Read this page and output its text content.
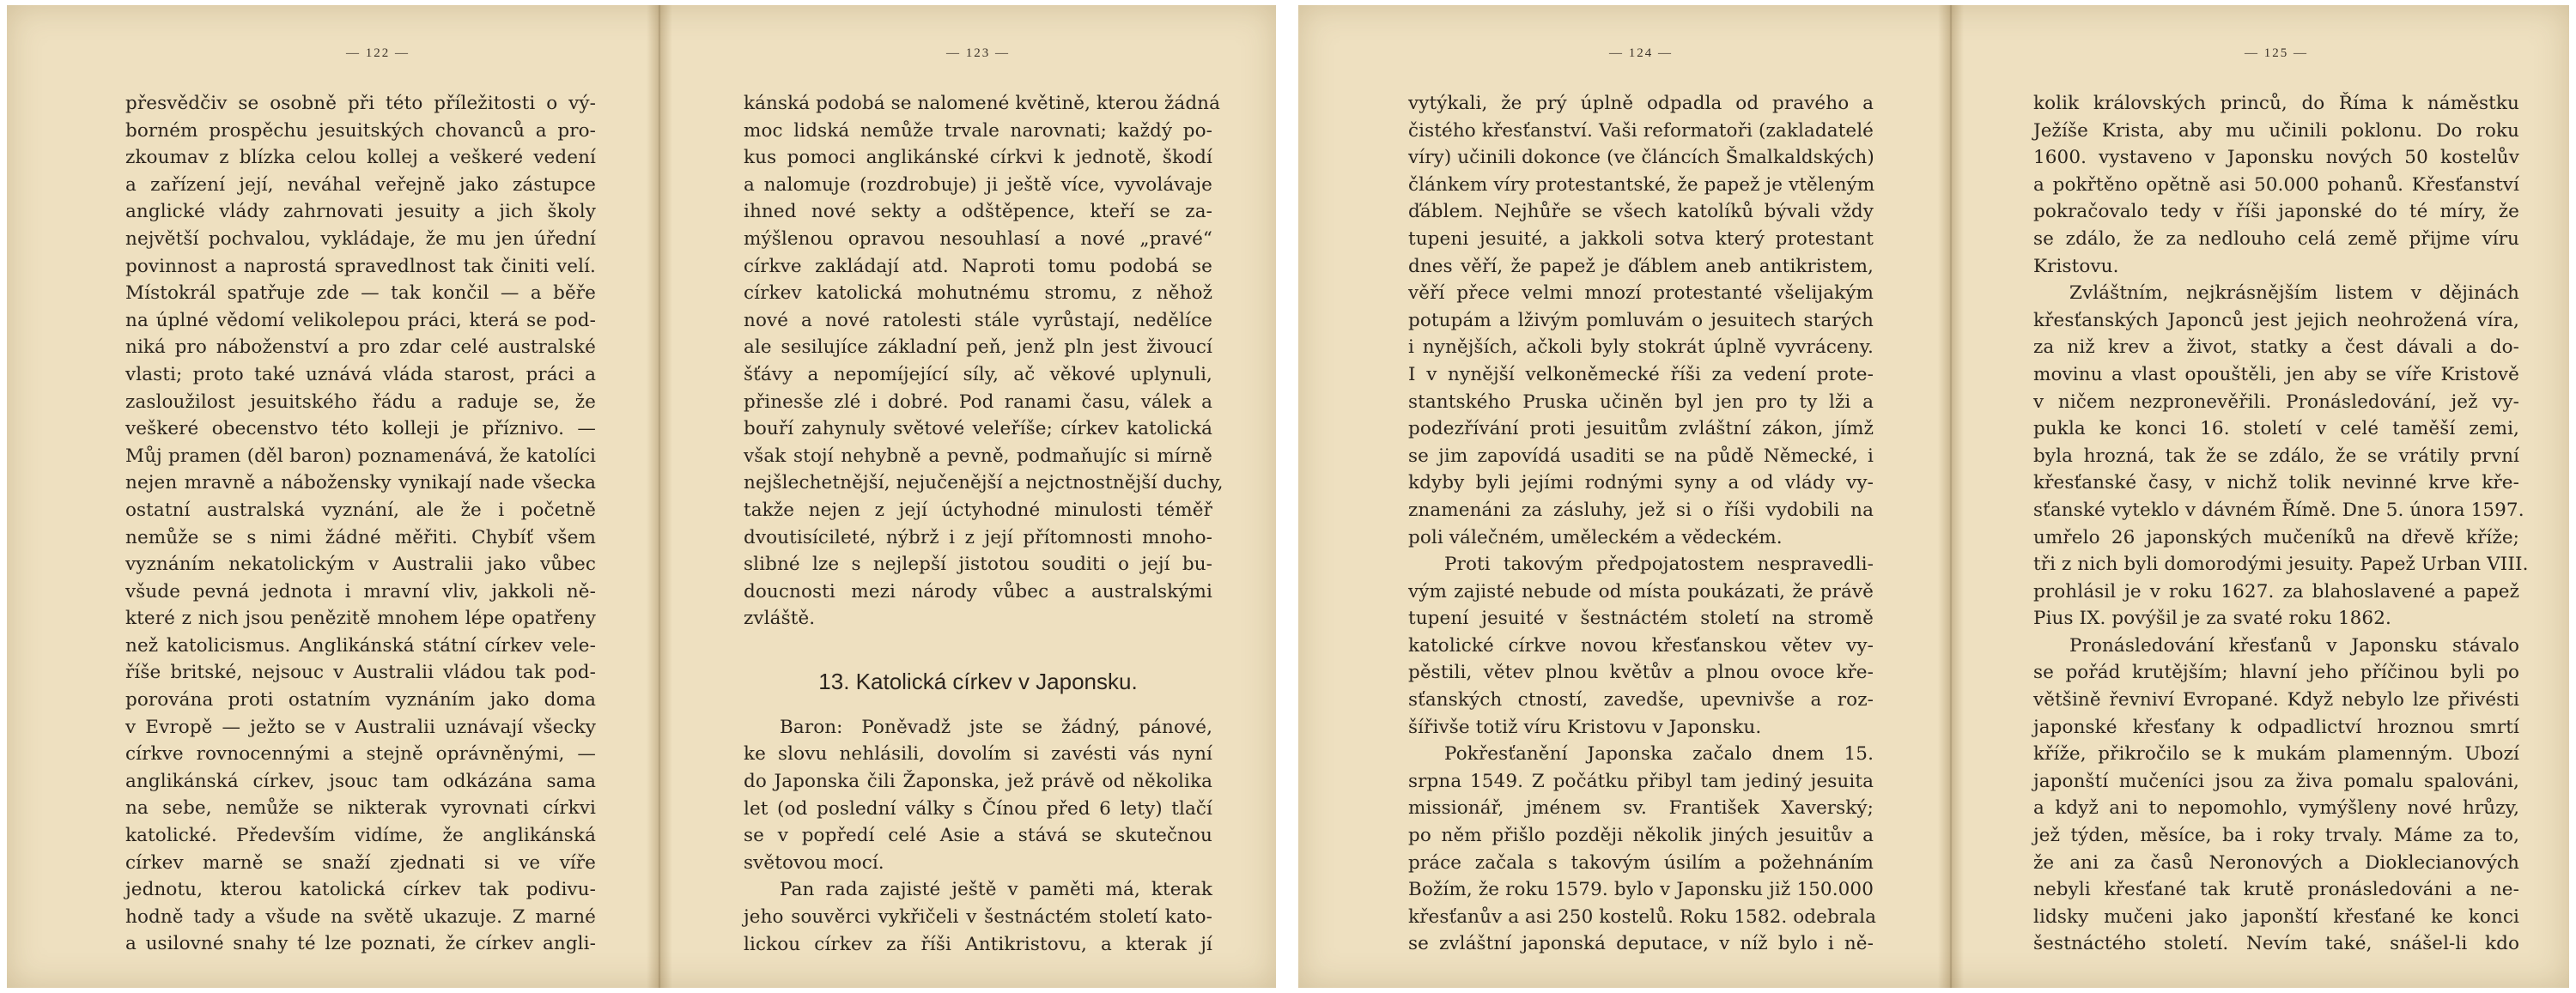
— 122 —
přesvědčiv se osobně při této příležitosti o vý-
borném prospěchu jesuitských chovanců a pro-
zkoumav z blízka celou kollej a veškeré vedení
a zařízení její, neváhal veřejně jako zástupce
anglické vlády zahrnovati jesuity a jich školy
největší pochvalou, vykládaje, že mu jen úřední
povinnost a naprostá spravedlnost tak činiti velí.
Místokrál spatřuje zde — tak končil — a běře
na úplné vědomí velikolepou práci, která se pod-
niká pro náboženství a pro zdar celé australské
vlasti; proto také uznává vláda starost, práci a
zasloužilost jesuitského řádu a raduje se, že
veškeré obecenstvo této kolleji je příznivo. —
Můj pramen (děl baron) poznamenává, že katolíci
nejen mravně a nábožensky vynikají nade všecka
ostatní australská vyznání, ale že i početně
nemůže se s nimi žádné měřiti. Chybíť všem
vyznáním nekatolickým v Australii jako vůbec
všude pevná jednota i mravní vliv, jakkoli ně-
které z nich jsou penězitě mnohem lépe opatřeny
než katolicismus. Anglikánská státní církev vele-
říše britské, nejsouc v Australii vládou tak pod-
porována proti ostatním vyznáním jako doma
v Evropě — ježto se v Australii uznávají všecky
církve rovnocennými a stejně oprávněnými, —
anglikánská církev, jsouc tam odkázána sama
na sebe, nemůže se nikterak vyrovnati církvi
katolické. Především vidíme, že anglikánská
církev marně se snaží zjednati si ve víře
jednotu, kterou katolická církev tak podivu-
hodně tady a všude na světě ukazuje. Z marné
a usilovné snahy té lze poznati, že církev angli-
— 123 —
kánská podobá se nalomené květině, kterou žádná
moc lidská nemůže trvale narovnati; každý po-
kus pomoci anglikánské církvi k jednotě, škodí
a nalomuje (rozdrobuje) ji ještě více, vyvolávaje
ihned nové sekty a odštěpence, kteří se za-
mýšlenou opravou nesouhlasí a nové „pravé“
církve zakládají atd. Naproti tomu podobá se
církev katolická mohutnému stromu, z něhož
nové a nové ratolesti stále vyrůstají, nedělíce
ale sesilujíce základní peň, jenž pln jest živoucí
šťávy a nepomíjející síly, ač věkové uplynuli,
přinesše zlé i dobré. Pod ranami času, válek a
bouří zahynuly světové veleříše; církev katolická
však stojí nehybně a pevně, podmaňujíc si mírně
nejšlechetnější, nejučenější a nejctnostnější duchy,
takže nejen z její úctyhodné minulosti téměř
dvoutisícileté, nýbrž i z její přítomnosti mnoho-
slibné lze s nejlepší jistotou souditi o její bu-
doucnosti mezi národy vůbec a australskými
zvláště.
13. Katolická církev v Japonsku.
Baron: Poněvadž jste se žádný, pánové,
ke slovu nehlásili, dovolím si zavésti vás nyní
do Japonska čili Žaponska, jež právě od několika
let (od poslední války s Čínou před 6 lety) tlačí
se v popředí celé Asie a stává se skutečnou
světovou mocí.
Pan rada zajisté ještě v paměti má, kterak
jeho souvěrci vykřičeli v šestnáctém století kato-
lickou církev za říši Antikristovu, a kterak jí
— 124 —
vytýkali, že prý úplně odpadla od pravého a
čistého křesťanství. Vaši reformatoři (zakladatelé
víry) učinili dokonce (ve článcích Šmalkaldských)
článkem víry protestantské, že papež je vtěleným
ďáblem. Nejhůře se všech katolíků bývali vždy
tupeni jesuité, a jakkoli sotva který protestant
dnes věří, že papež je ďáblem aneb antikristem,
věří přece velmi mnozí protestanté všelijakým
potupám a lživým pomluvám o jesuitech starých
i nynějších, ačkoli byly stokrát úplně vyvráceny.
I v nynější velkoněmecké říši za vedení prote-
stantského Pruska učiněn byl jen pro ty lži a
podezřívání proti jesuitům zvláštní zákon, jímž
se jim zapovídá usaditi se na půdě Německé, i
kdyby byli jejími rodnými syny a od vlády vy-
znamenáni za zásluhy, jež si o říši vydobili na
poli válečném, uměleckém a vědeckém.
Proti takovým předpojatostem nespravedli-
vým zajisté nebude od místa poukázati, že právě
tupení jesuité v šestnáctém století na stromě
katolické církve novou křesťanskou větev vy-
pěstili, větev plnou květův a plnou ovoce kře-
sťanských ctností, zavedše, upevnivše a roz-
šířivše totiž víru Kristovu v Japonsku.
Pokřesťanění Japonska začalo dnem 15.
srpna 1549. Z počátku přibyl tam jediný jesuita
missionář, jménem sv. František Xaverský;
po něm přišlo později několik jiných jesuitův a
práce začala s takovým úsilím a požehnáním
Božím, že roku 1579. bylo v Japonsku již 150.000
křesťanův a asi 250 kostelů. Roku 1582. odebrala
se zvláštní japonská deputace, v níž bylo i ně-
— 125 —
kolik královských princů, do Říma k náměstku
Ježíše Krista, aby mu učinili poklonu. Do roku
1600. vystaveno v Japonsku nových 50 kostelův
a pokřtěno opětně asi 50.000 pohanů. Křesťanství
pokračovalo tedy v říši japonské do té míry, že
se zdálo, že za nedlouho celá země přijme víru
Kristovu.
Zvláštním, nejkrásnějším listem v dějinách
křesťanských Japonců jest jejich neohrožená víra,
za niž krev a život, statky a čest dávali a do-
movinu a vlast opouštěli, jen aby se víře Kristově
v ničem nezpronevěřili. Pronásledování, jež vy-
pukla ke konci 16. století v celé taměší zemi,
byla hrozná, tak že se zdálo, že se vrátily první
křesťanské časy, v nichž tolik nevinné krve kře-
sťanské vyteklo v dávném Římě. Dne 5. února 1597.
umřelo 26 japonských mučeníků na dřevě kříže;
tři z nich byli domorodými jesuity. Papež Urban VIII.
prohlásil je v roku 1627. za blahoslavené a papež
Pius IX. povýšil je za svaté roku 1862.
Pronásledování křesťanů v Japonsku stávalo
se pořád krutějším; hlavní jeho příčinou byli po
většině řevniví Evropané. Když nebylo lze přivésti
japonské křesťany k odpadlictví hroznou smrtí
kříže, přikročilo se k mukám plamenným. Ubozí
japonští mučeníci jsou za živa pomalu spalováni,
a když ani to nepomohlo, vymýšleny nové hrůzy,
jež týden, měsíce, ba i roky trvaly. Máme za to,
že ani za časů Neronových a Dioklecianových
nebyli křesťané tak krutě pronásledováni a ne-
lidsky mučeni jako japonští křesťané ke konci
šestnáctého století. Nevím také, snášel-li kdo
